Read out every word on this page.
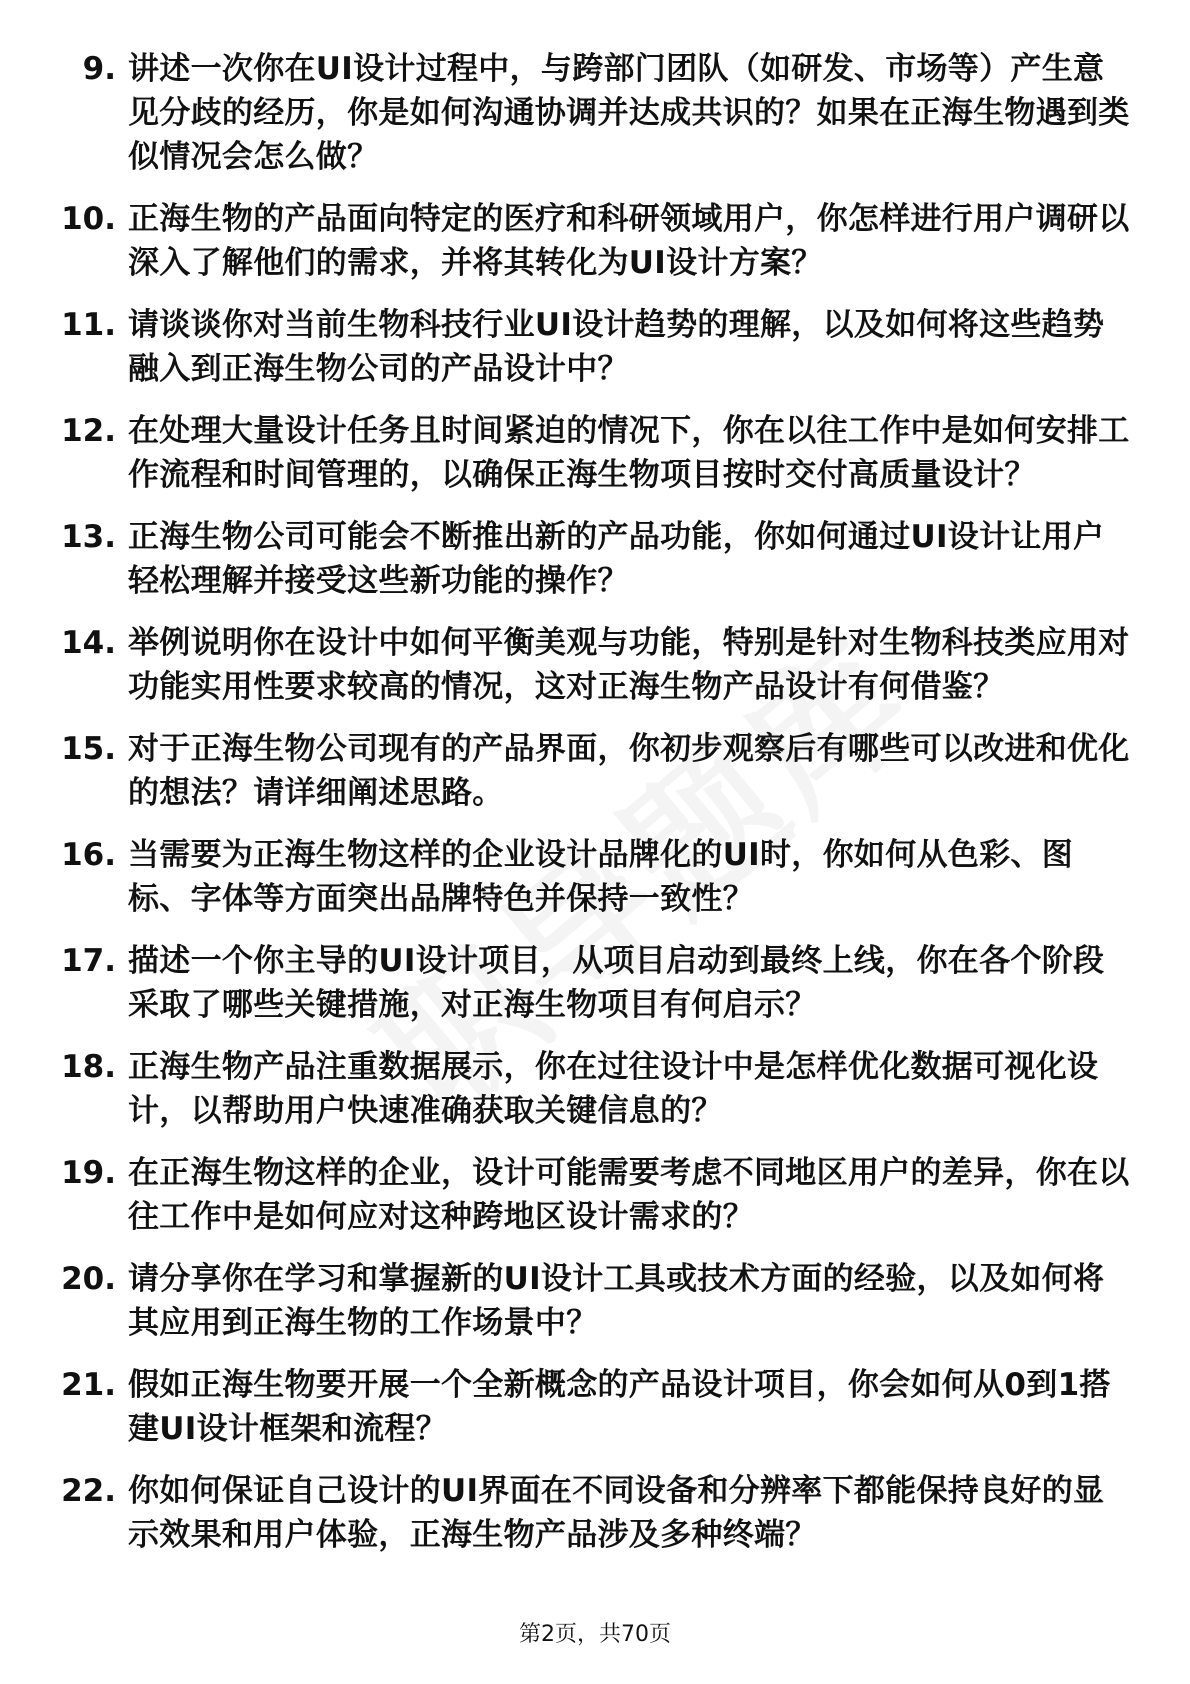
9. 讲述一次你在UI设计过程中，与跨部门团队（如研发、市场等）产生意见分歧的经历，你是如何沟通协调并达成共识的？如果在正海生物遇到类似情况会怎么做？
10. 正海生物的产品面向特定的医疗和科研领域用户，你怎样进行用户调研以深入了解他们的需求，并将其转化为UI设计方案？
11. 请谈谈你对当前生物科技行业UI设计趋势的理解，以及如何将这些趋势融入到正海生物公司的产品设计中？
12. 在处理大量设计任务且时间紧迫的情况下，你在以往工作中是如何安排工作流程和时间管理的，以确保正海生物项目按时交付高质量设计？
13. 正海生物公司可能会不断推出新的产品功能，你如何通过UI设计让用户轻松理解并接受这些新功能的操作？
14. 举例说明你在设计中如何平衡美观与功能，特别是针对生物科技类应用对功能实用性要求较高的情况，这对正海生物产品设计有何借鉴？
15. 对于正海生物公司现有的产品界面，你初步观察后有哪些可以改进和优化的想法？请详细阐述思路。
16. 当需要为正海生物这样的企业设计品牌化的UI时，你如何从色彩、图标、字体等方面突出品牌特色并保持一致性？
17. 描述一个你主导的UI设计项目，从项目启动到最终上线，你在各个阶段采取了哪些关键措施，对正海生物项目有何启示？
18. 正海生物产品注重数据展示，你在过往设计中是怎样优化数据可视化设计，以帮助用户快速准确获取关键信息的？
19. 在正海生物这样的企业，设计可能需要考虑不同地区用户的差异，你在以往工作中是如何应对这种跨地区设计需求的？
20. 请分享你在学习和掌握新的UI设计工具或技术方面的经验，以及如何将其应用到正海生物的工作场景中？
21. 假如正海生物要开展一个全新概念的产品设计项目，你会如何从0到1搭建UI设计框架和流程？
22. 你如何保证自己设计的UI界面在不同设备和分辨率下都能保持良好的显示效果和用户体验，正海生物产品涉及多种终端？
第2页，共70页
